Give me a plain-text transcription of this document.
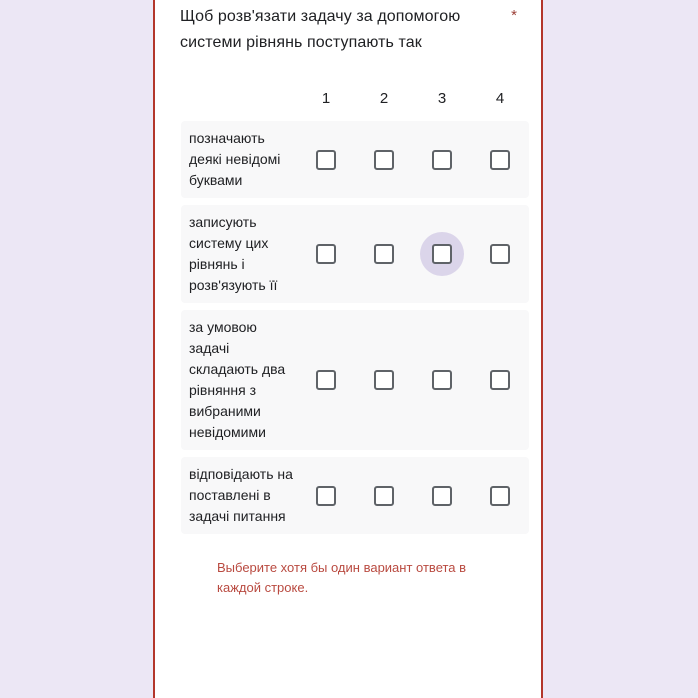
Щоб розв'язати задачу за допомогою системи рівнянь поступають так
*
1	2	3	4
позначають деякі невідомі буквами
записують систему цих рівнянь і розв'язують її
за умовою задачі складають два рівняння з вибраними невідомими
відповідають на поставлені в задачі питання
Выберите хотя бы один вариант ответа в каждой строке.
